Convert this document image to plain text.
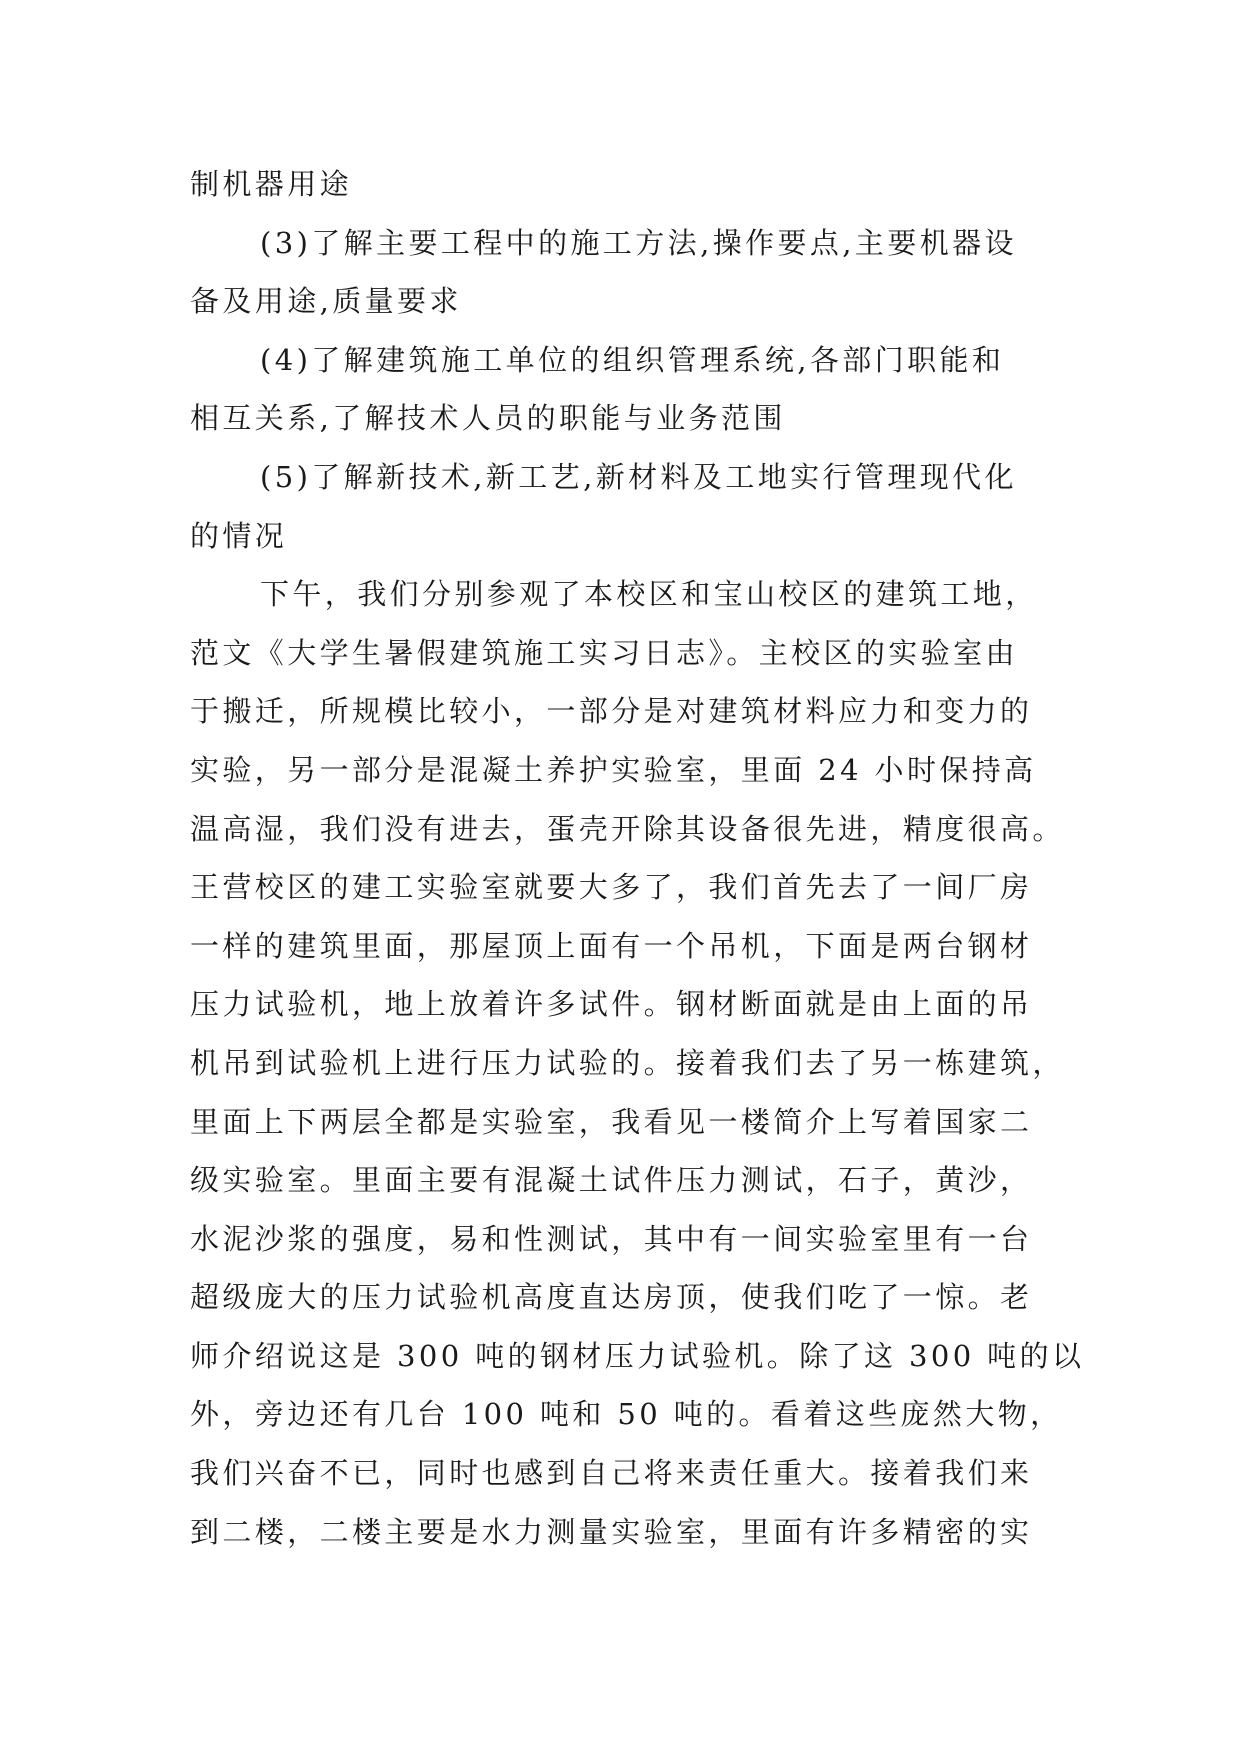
制机器用途
(3)了解主要工程中的施工方法,操作要点,主要机器设
备及用途,质量要求
(4)了解建筑施工单位的组织管理系统,各部门职能和
相互关系,了解技术人员的职能与业务范围
(5)了解新技术,新工艺,新材料及工地实行管理现代化
的情况
下午，我们分别参观了本校区和宝山校区的建筑工地，
范文《大学生暑假建筑施工实习日志》。主校区的实验室由
于搬迁，所规模比较小，一部分是对建筑材料应力和变力的
实验，另一部分是混凝土养护实验室，里面 24 小时保持高
温高湿，我们没有进去，蛋壳开除其设备很先进，精度很高。
王营校区的建工实验室就要大多了，我们首先去了一间厂房
一样的建筑里面，那屋顶上面有一个吊机，下面是两台钢材
压力试验机，地上放着许多试件。钢材断面就是由上面的吊
机吊到试验机上进行压力试验的。接着我们去了另一栋建筑，
里面上下两层全都是实验室，我看见一楼简介上写着国家二
级实验室。里面主要有混凝土试件压力测试，石子，黄沙，
水泥沙浆的强度，易和性测试，其中有一间实验室里有一台
超级庞大的压力试验机高度直达房顶，使我们吃了一惊。老
师介绍说这是 300 吨的钢材压力试验机。除了这 300 吨的以
外，旁边还有几台 100 吨和 50 吨的。看着这些庞然大物，
我们兴奋不已，同时也感到自己将来责任重大。接着我们来
到二楼，二楼主要是水力测量实验室，里面有许多精密的实
